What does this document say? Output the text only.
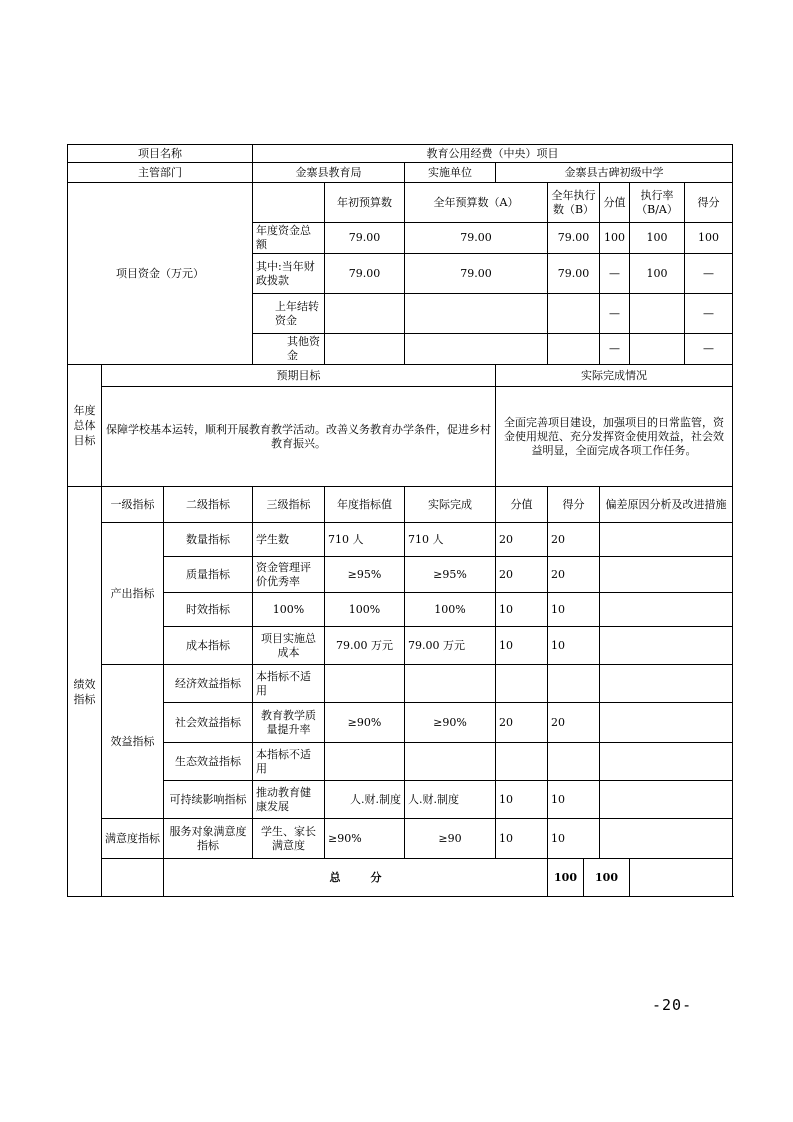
项目名称			教育公用经费（中央）项目								
主管部门			金寨县教育局		实施单位	金寨县古碑初级中学					
项目资金（万元）				年初预算数	全年预算数（A）		全年执行数（B）		分值	执行率（B/A）	得分
			年度资金总额	79.00	79.00		79.00		100	100	100
			其中:当年财政拨款	79.00	79.00		79.00		—	100	—
			上年结转资金						—		—
			其他资金						—		—
年度总体目标	预期目标					实际完成情况					
	保障学校基本运转，顺利开展教育教学活动。改善义务教育办学条件，促进乡村教育振兴。					全面完善项目建设，加强项目的日常监管，资金使用规范、充分发挥资金使用效益，社会效益明显，全面完成各项工作任务。					
绩效指标	一级指标	二级指标	三级指标	年度指标值	实际完成	分值	得分		偏差原因分析及改进措施		
	产出指标	数量指标	学生数	710 人	710 人	20	20				
		质量指标	资金管理评价优秀率	≥95%	≥95%	20	20				
		时效指标	100%	100%	100%	10	10				
		成本指标	项目实施总成本	79.00 万元	79.00 万元	10	10				
	效益指标	经济效益指标	本指标不适用								
		社会效益指标	教育教学质量提升率	≥90%	≥90%	20	20				
		生态效益指标	本指标不适用								
		可持续影响指标	推动教育健康发展	人.财.制度	人.财.制度	10	10				
	满意度指标	服务对象满意度指标	学生、家长满意度	≥90%	≥90	10	10				
		总分					100	100			
-20-
